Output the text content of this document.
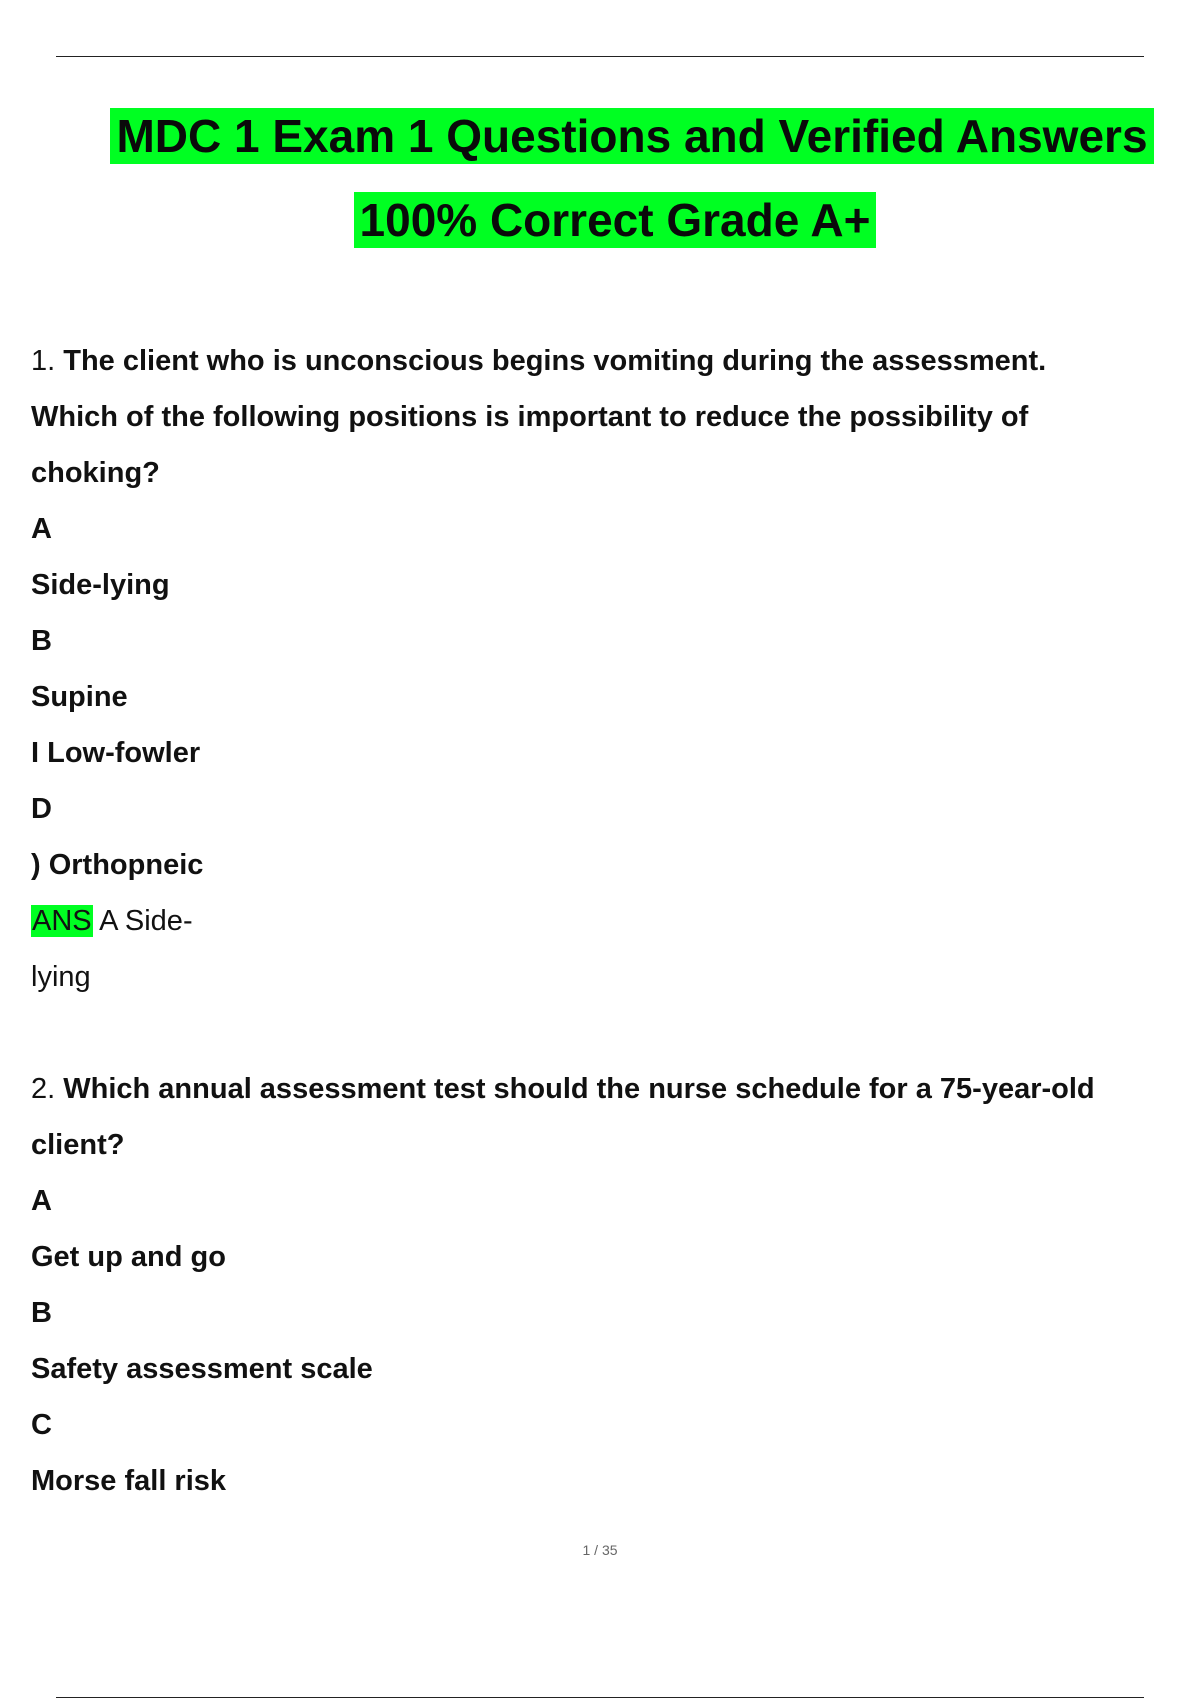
MDC 1 Exam 1 Questions and Verified Answers
100% Correct Grade A+
1. The client who is unconscious begins vomiting during the assessment.
Which of the following positions is important to reduce the possibility of
choking?
A
Side-lying
B
Supine
I Low-fowler
D
) Orthopneic
ANS A Side-
lying
2. Which annual assessment test should the nurse schedule for a 75-year-old
client?
A
Get up and go
B
Safety assessment scale
C
Morse fall risk
1 / 35
